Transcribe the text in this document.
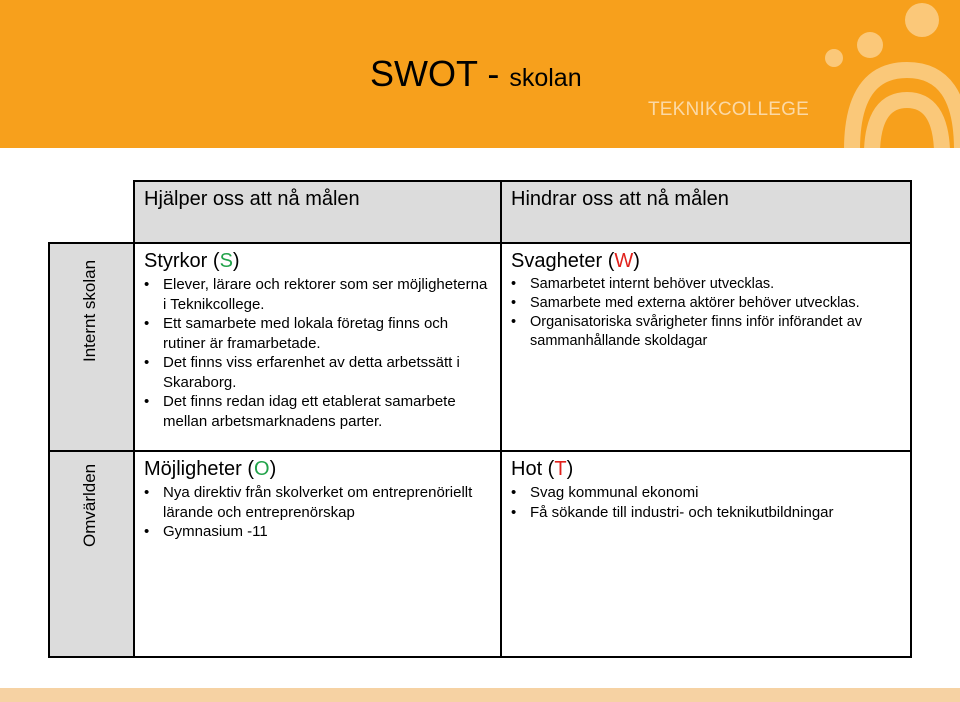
SWOT - skolan
TEKNIKCOLLEGE
Hjälper oss att nå målen	Hindrar oss att nå målen
Internt skolan
Omvärlden
Styrkor (S)
• Elever, lärare och rektorer som ser möjligheterna i Teknikcollege.
• Ett samarbete med lokala företag finns och rutiner är framarbetade.
• Det finns viss erfarenhet av detta arbetssätt i Skaraborg.
• Det finns redan idag ett etablerat samarbete mellan arbetsmarknadens parter.
Svagheter (W)
• Samarbetet internt behöver utvecklas.
• Samarbete med externa aktörer behöver utvecklas.
• Organisatoriska svårigheter finns inför införandet av sammanhållande skoldagar
Möjligheter (O)
• Nya direktiv från skolverket om entreprenöriellt lärande och entreprenörskap
• Gymnasium -11
Hot (T)
• Svag kommunal ekonomi
• Få sökande till industri- och teknikutbildningar
